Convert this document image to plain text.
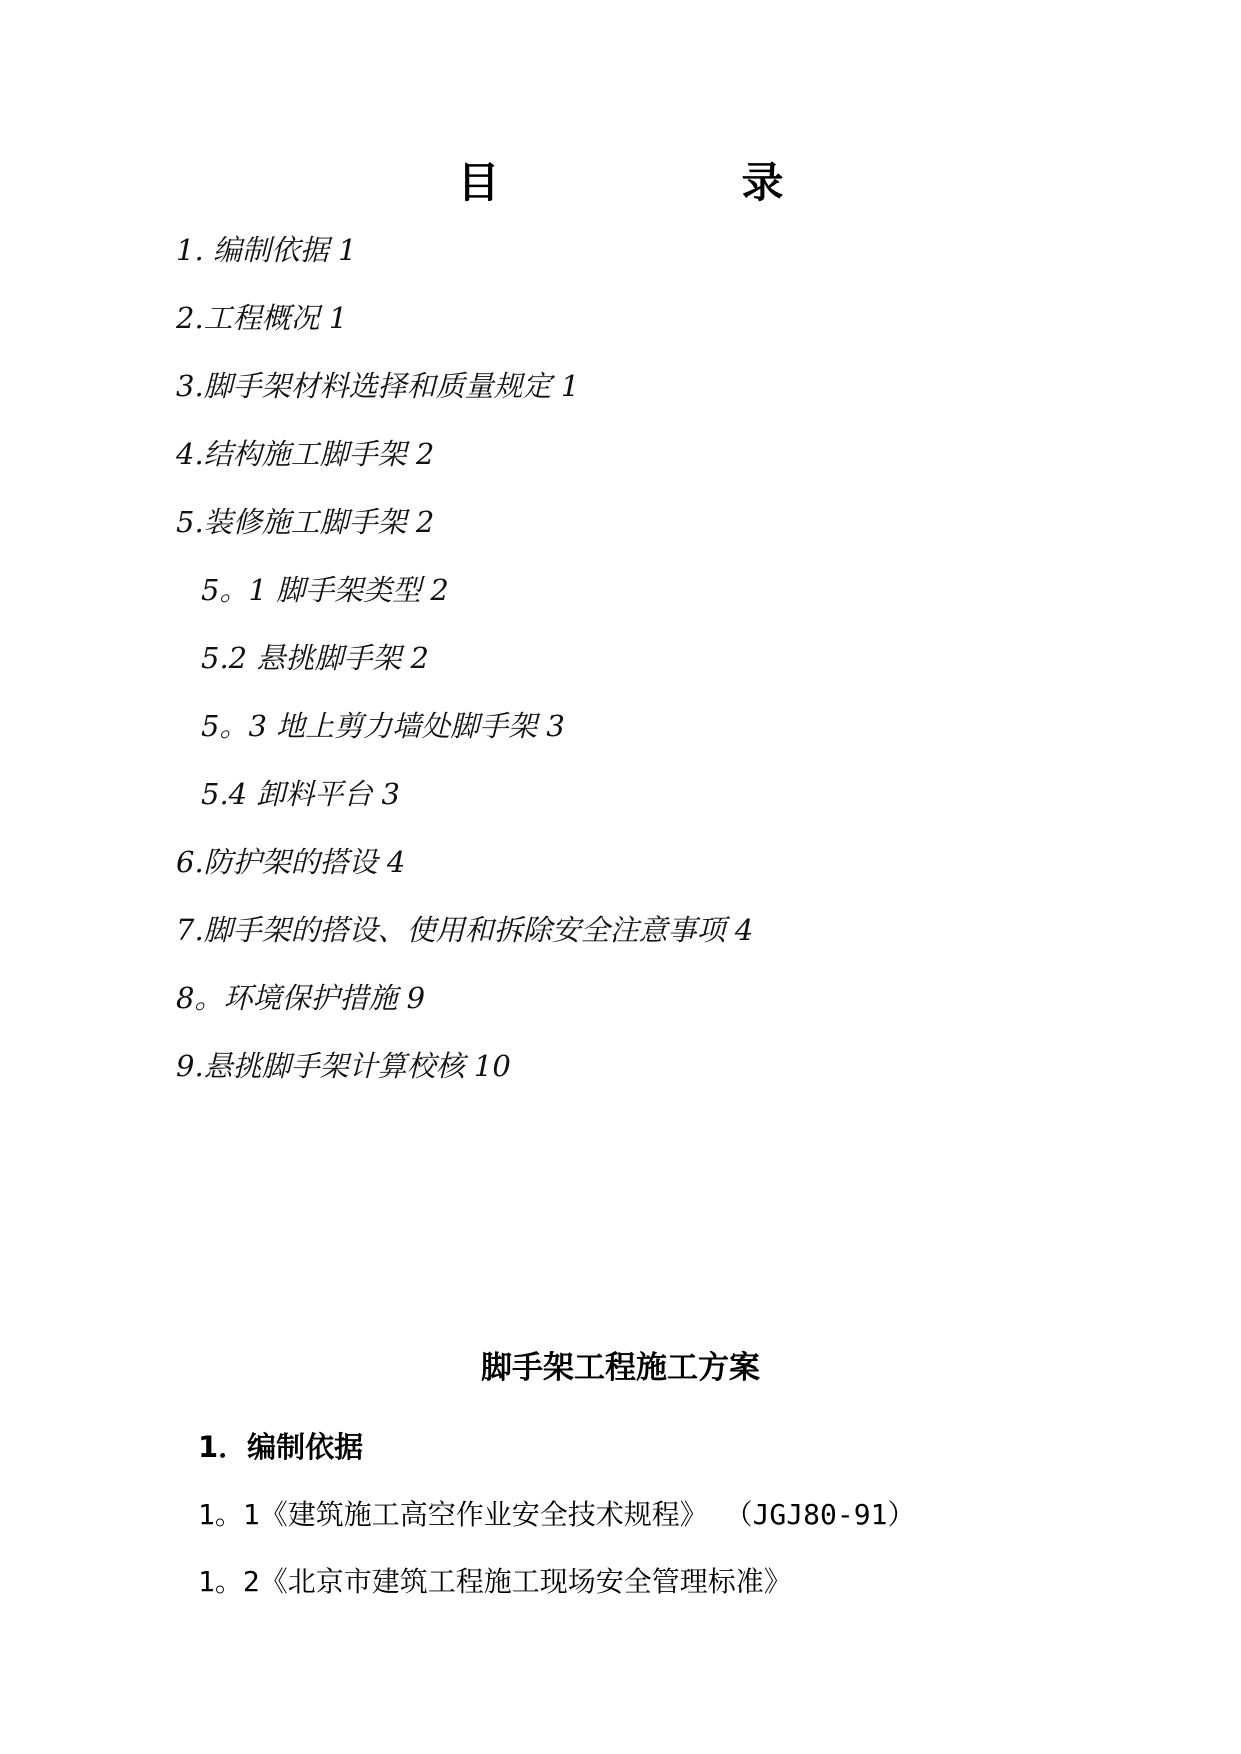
目　录
1. 编制依据 1
2.工程概况 1
3.脚手架材料选择和质量规定 1
4.结构施工脚手架 2
5.装修施工脚手架 2
5。1 脚手架类型 2
5.2 悬挑脚手架 2
5。3 地上剪力墙处脚手架 3
5.4 卸料平台 3
6.防护架的搭设 4
7.脚手架的搭设、使用和拆除安全注意事项 4
8。环境保护措施 9
9.悬挑脚手架计算校核 10
脚手架工程施工方案
1．编制依据

1。1《建筑施工高空作业安全技术规程》 （JGJ80-91）

1。2《北京市建筑工程施工现场安全管理标准》
